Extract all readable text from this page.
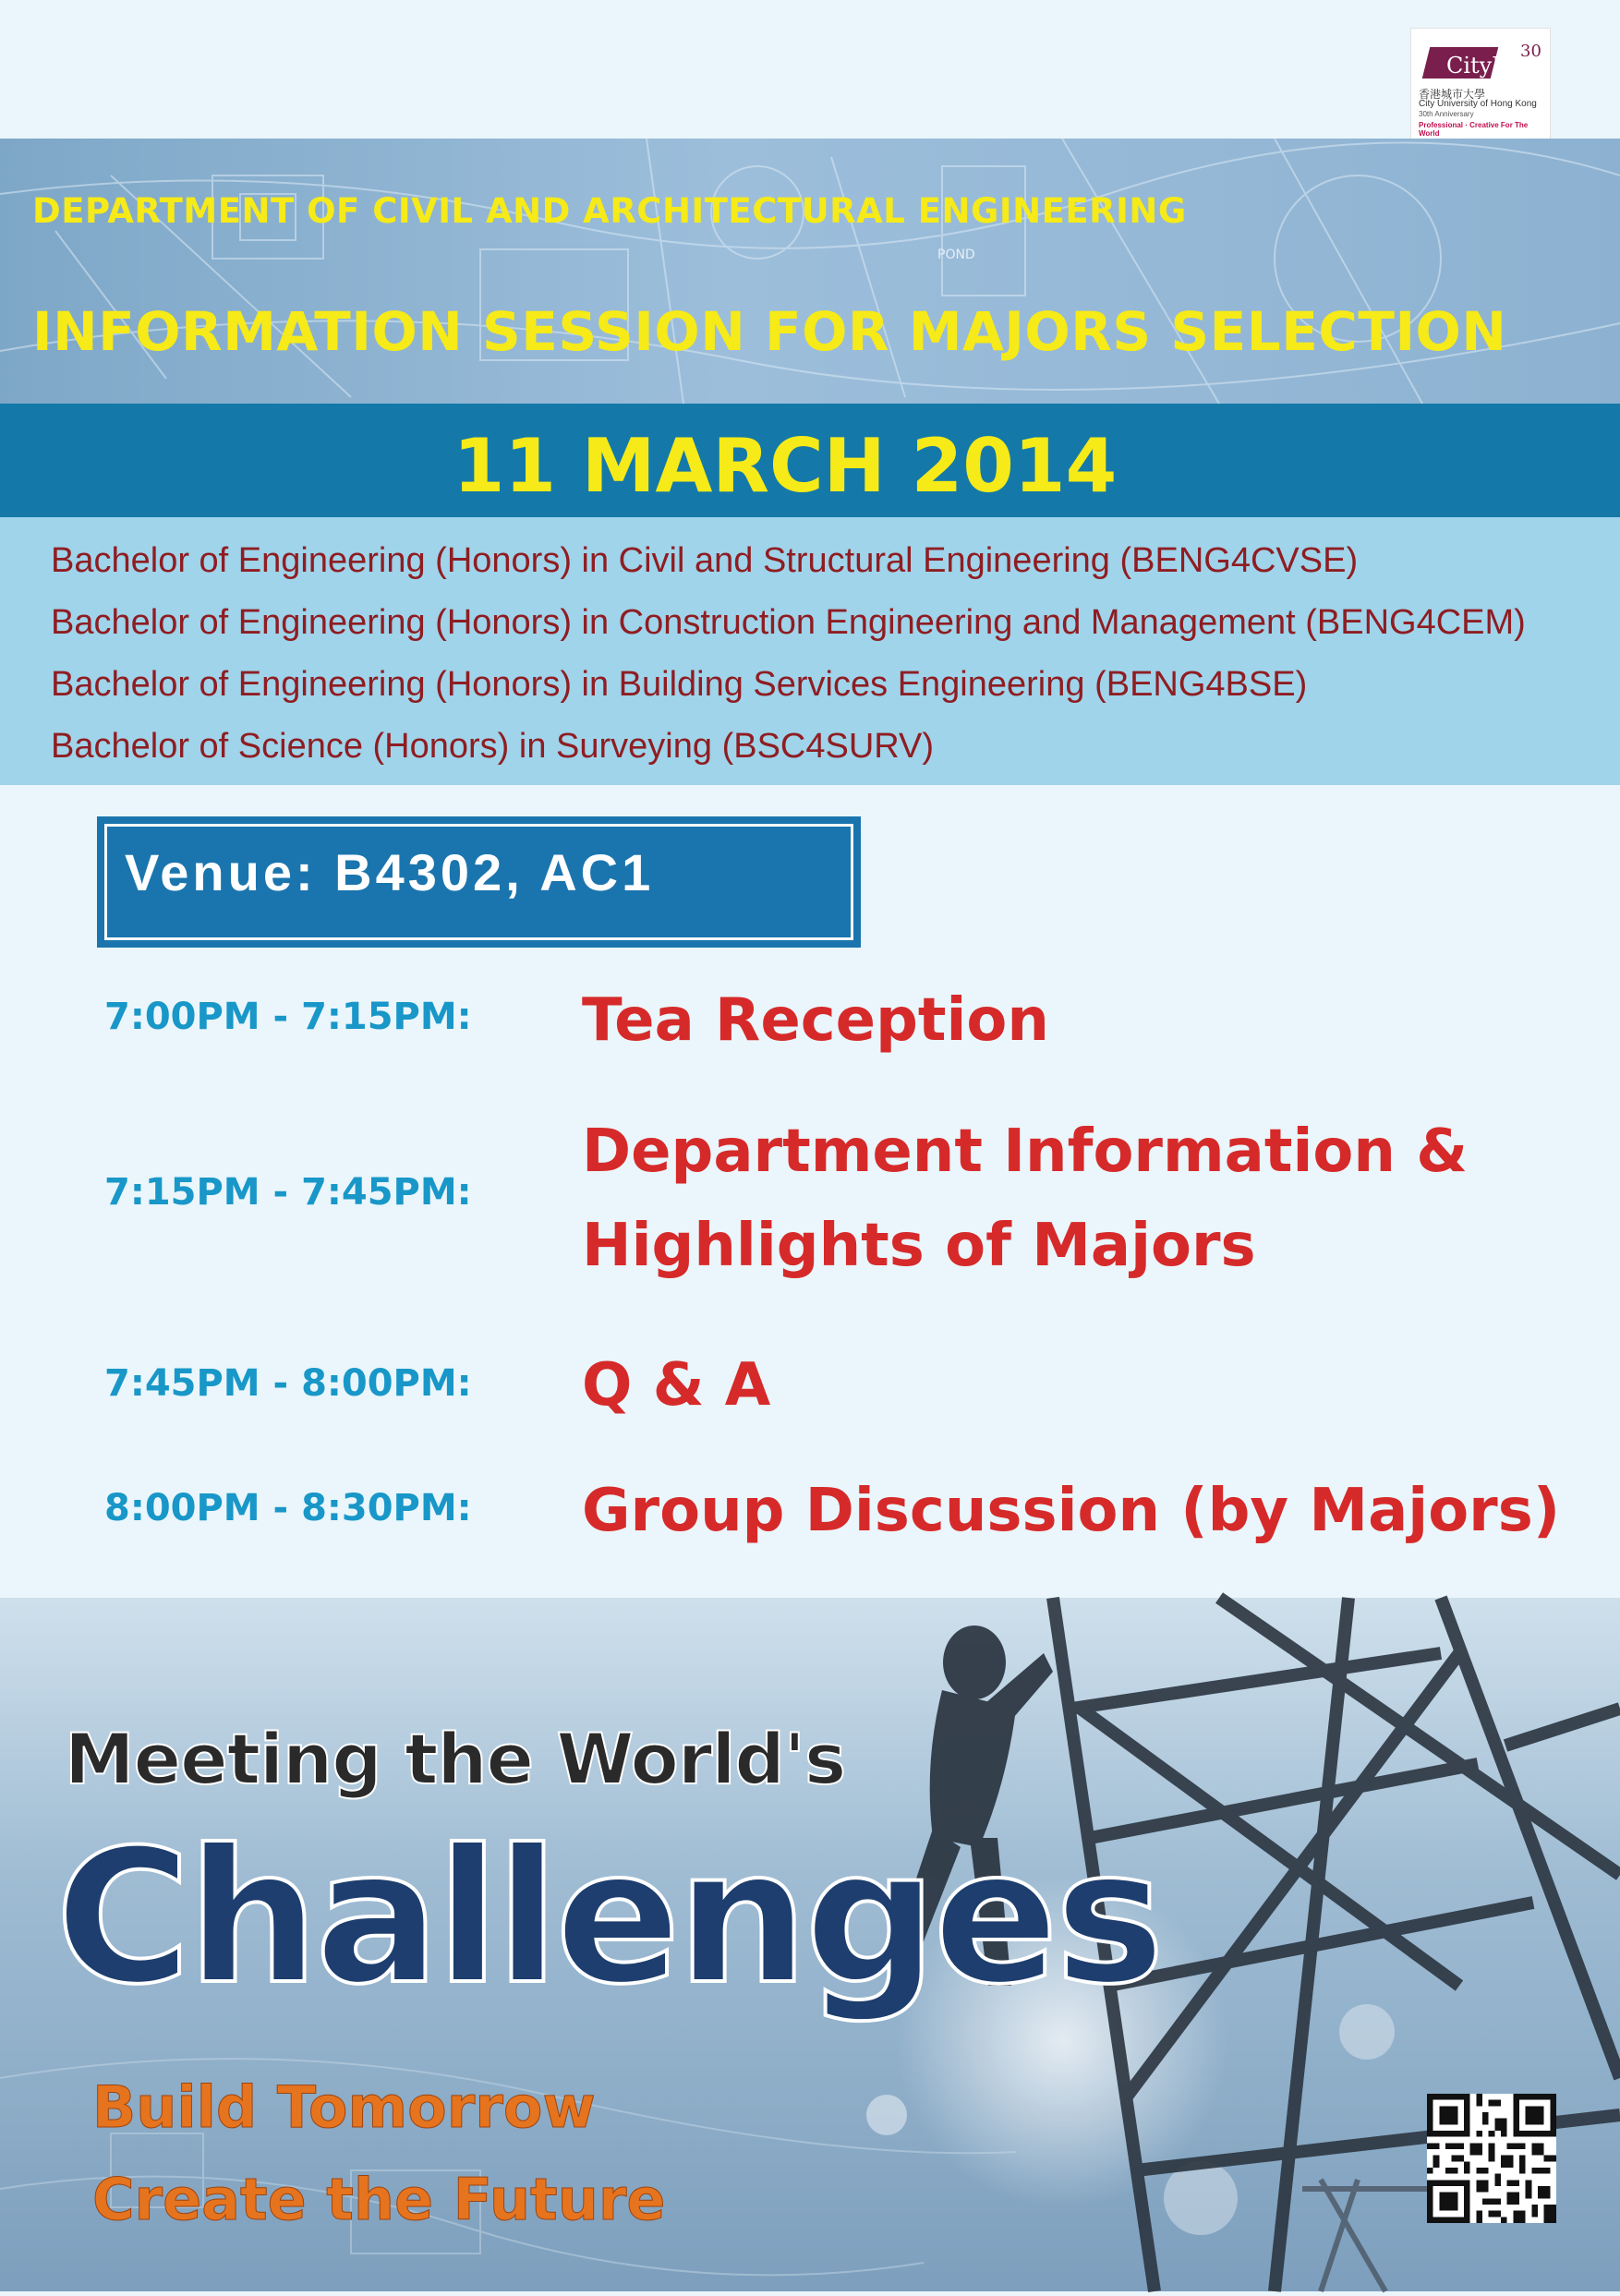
CityU
30
香港城市大學
City University of Hong Kong
30th Anniversary
Professional · Creative For The World
POND
DEPARTMENT OF CIVIL AND ARCHITECTURAL ENGINEERING
INFORMATION SESSION FOR MAJORS SELECTION
11 MARCH 2014
Bachelor of Engineering (Honors) in Civil and Structural Engineering (BENG4CVSE)
Bachelor of Engineering (Honors) in Construction Engineering and Management (BENG4CEM)
Bachelor of Engineering (Honors) in Building Services Engineering (BENG4BSE)
Bachelor of Science (Honors) in Surveying (BSC4SURV)
Venue: B4302, AC1
7:00PM - 7:15PM: Tea Reception
7:15PM - 7:45PM:
Department Information &
Highlights of Majors
7:45PM - 8:00PM: Q & A
8:00PM - 8:30PM: Group Discussion (by Majors)
Meeting the World's
Challenges
Build Tomorrow
Create the Future
